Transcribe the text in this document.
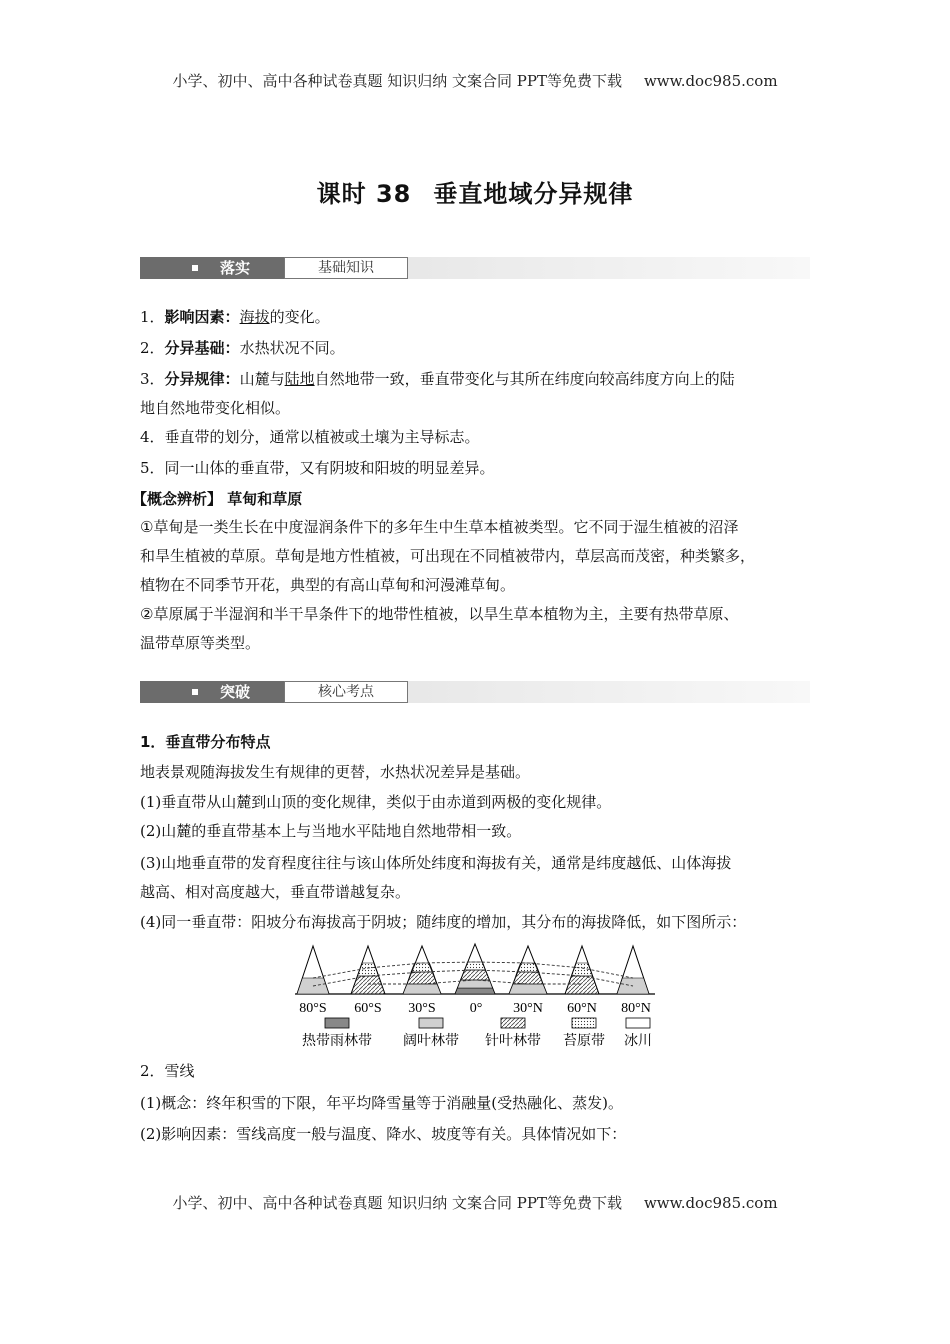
小学、初中、高中各种试卷真题 知识归纳 文案合同 PPT等免费下载 www.doc985.com
课时 38 垂直地域分异规律
落实	基础知识

1．影响因素：海拔的变化。

2．分异基础：水热状况不同。

3．分异规律：山麓与陆地自然地带一致，垂直带变化与其所在纬度向较高纬度方向上的陆

地自然地带变化相似。

4．垂直带的划分，通常以植被或土壤为主导标志。

5．同一山体的垂直带，又有阴坡和阳坡的明显差异。

【概念辨析】 草甸和草原

①草甸是一类生长在中度湿润条件下的多年生中生草本植被类型。它不同于湿生植被的沼泽

和旱生植被的草原。草甸是地方性植被，可出现在不同植被带内，草层高而茂密，种类繁多，

植物在不同季节开花，典型的有高山草甸和河漫滩草甸。

②草原属于半湿润和半干旱条件下的地带性植被，以旱生草本植物为主，主要有热带草原、

温带草原等类型。

突破	核心考点

1．垂直带分布特点

地表景观随海拔发生有规律的更替，水热状况差异是基础。

(1)垂直带从山麓到山顶的变化规律，类似于由赤道到两极的变化规律。

(2)山麓的垂直带基本上与当地水平陆地自然地带相一致。

(3)山地垂直带的发育程度往往与该山体所处纬度和海拔有关，通常是纬度越低、山体海拔

越高、相对高度越大，垂直带谱越复杂。

(4)同一垂直带：阳坡分布海拔高于阴坡；随纬度的增加，其分布的海拔降低，如下图所示：

80°S 60°S 30°S 0° 30°N 60°N 80°N
热带雨林带 阔叶林带 针叶林带 苔原带 冰川

2．雪线

(1)概念：终年积雪的下限，年平均降雪量等于消融量(受热融化、蒸发)。

(2)影响因素：雪线高度一般与温度、降水、坡度等有关。具体情况如下：

小学、初中、高中各种试卷真题 知识归纳 文案合同 PPT等免费下载 www.doc985.com
